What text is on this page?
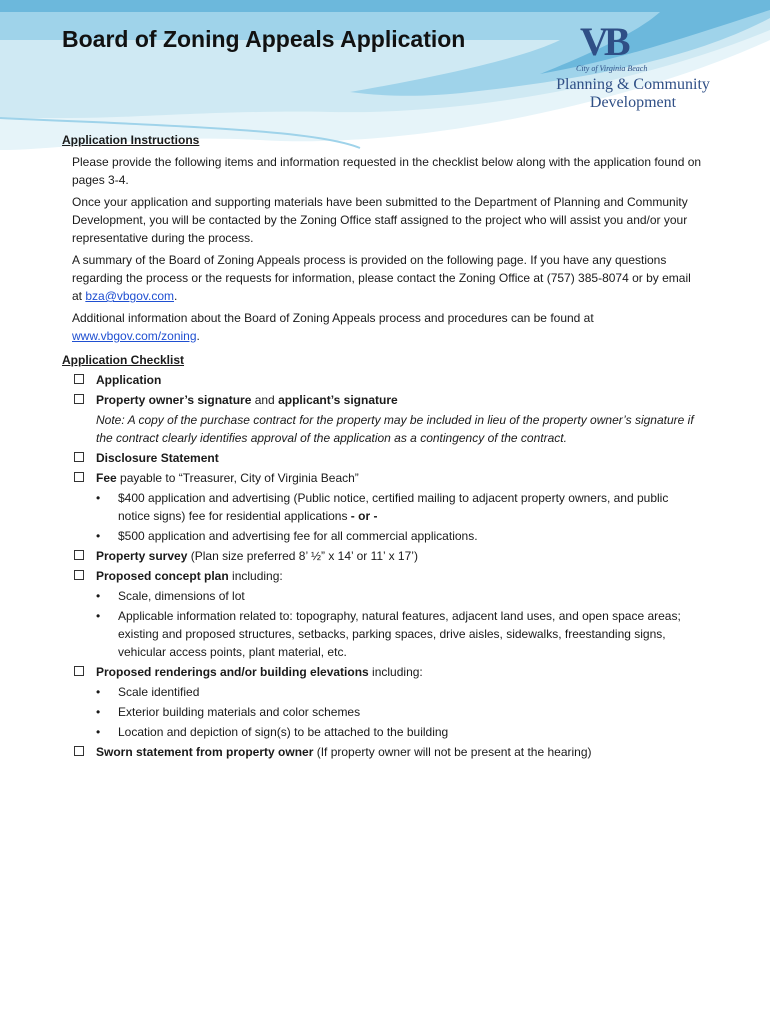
Board of Zoning Appeals Application	VB
City of Virginia Beach
Planning & Community
Development

Application Instructions

Please provide the following items and information requested in the checklist below along with the application found on pages 3-4.

Once your application and supporting materials have been submitted to the Department of Planning and Community Development, you will be contacted by the Zoning Office staff assigned to the project who will assist you and/or your representative during the process.

A summary of the Board of Zoning Appeals process is provided on the following page. If you have any questions regarding the process or the requests for information, please contact the Zoning Office at (757) 385-8074 or by email at bza@vbgov.com.

Additional information about the Board of Zoning Appeals process and procedures can be found at www.vbgov.com/zoning.

Application Checklist

Application
Property owner’s signature and applicant’s signature
Note: A copy of the purchase contract for the property may be included in lieu of the property owner’s signature if the contract clearly identifies approval of the application as a contingency of the contract.
Disclosure Statement
Fee payable to “Treasurer, City of Virginia Beach”
• $400 application and advertising (Public notice, certified mailing to adjacent property owners, and public notice signs) fee for residential applications - or -
• $500 application and advertising fee for all commercial applications.
Property survey (Plan size preferred 8’ ½” x 14’ or 11’ x 17’)
Proposed concept plan including:
• Scale, dimensions of lot
• Applicable information related to: topography, natural features, adjacent land uses, and open space areas; existing and proposed structures, setbacks, parking spaces, drive aisles, sidewalks, freestanding signs, vehicular access points, plant material, etc.
Proposed renderings and/or building elevations including:
• Scale identified
• Exterior building materials and color schemes
• Location and depiction of sign(s) to be attached to the building
Sworn statement from property owner (If property owner will not be present at the hearing)
